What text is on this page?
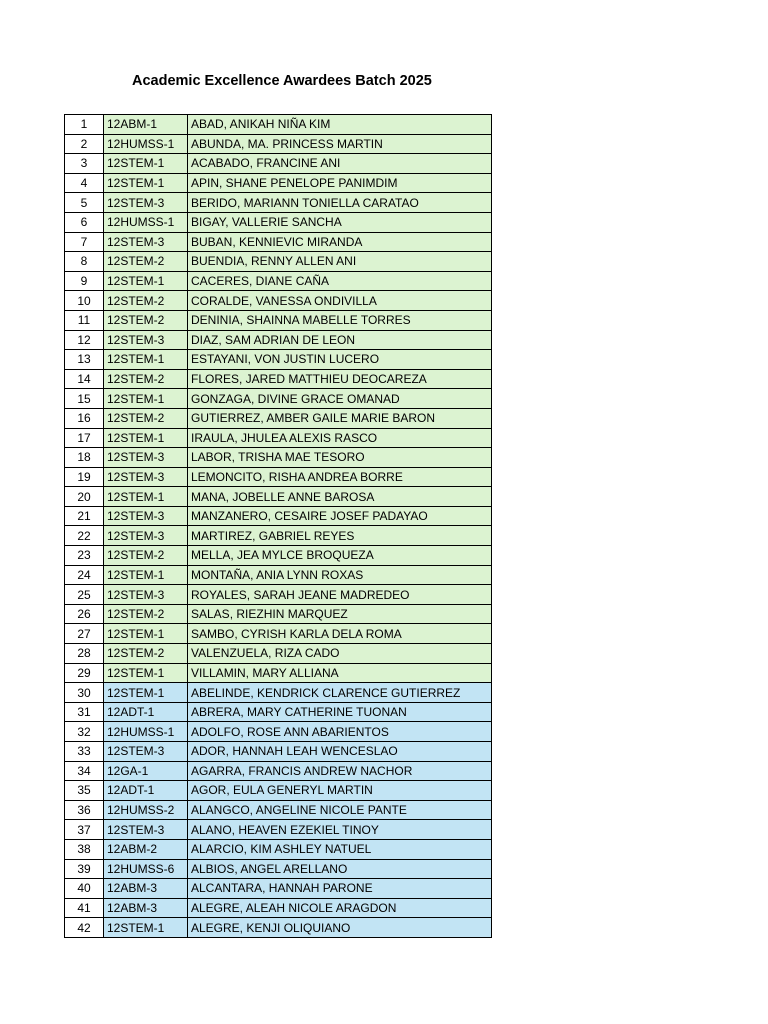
Academic Excellence Awardees Batch 2025
1	12ABM-1	ABAD, ANIKAH NIÑA KIM
2	12HUMSS-1	ABUNDA, MA. PRINCESS MARTIN
3	12STEM-1	ACABADO, FRANCINE ANI
4	12STEM-1	APIN, SHANE PENELOPE PANIMDIM
5	12STEM-3	BERIDO, MARIANN TONIELLA CARATAO
6	12HUMSS-1	BIGAY, VALLERIE SANCHA
7	12STEM-3	BUBAN, KENNIEVIC MIRANDA
8	12STEM-2	BUENDIA, RENNY ALLEN ANI
9	12STEM-1	CACERES, DIANE CAÑA
10	12STEM-2	CORALDE, VANESSA ONDIVILLA
11	12STEM-2	DENINIA, SHAINNA MABELLE TORRES
12	12STEM-3	DIAZ, SAM ADRIAN DE LEON
13	12STEM-1	ESTAYANI, VON JUSTIN LUCERO
14	12STEM-2	FLORES, JARED MATTHIEU DEOCAREZA
15	12STEM-1	GONZAGA, DIVINE GRACE OMANAD
16	12STEM-2	GUTIERREZ, AMBER GAILE MARIE BARON
17	12STEM-1	IRAULA, JHULEA ALEXIS RASCO
18	12STEM-3	LABOR, TRISHA MAE TESORO
19	12STEM-3	LEMONCITO, RISHA ANDREA BORRE
20	12STEM-1	MANA, JOBELLE ANNE BAROSA
21	12STEM-3	MANZANERO, CESAIRE JOSEF PADAYAO
22	12STEM-3	MARTIREZ, GABRIEL REYES
23	12STEM-2	MELLA, JEA MYLCE BROQUEZA
24	12STEM-1	MONTAÑA, ANIA LYNN ROXAS
25	12STEM-3	ROYALES, SARAH JEANE MADREDEO
26	12STEM-2	SALAS, RIEZHIN MARQUEZ
27	12STEM-1	SAMBO, CYRISH KARLA DELA ROMA
28	12STEM-2	VALENZUELA, RIZA CADO
29	12STEM-1	VILLAMIN, MARY ALLIANA
30	12STEM-1	ABELINDE, KENDRICK CLARENCE GUTIERREZ
31	12ADT-1	ABRERA, MARY CATHERINE TUONAN
32	12HUMSS-1	ADOLFO, ROSE ANN ABARIENTOS
33	12STEM-3	ADOR, HANNAH LEAH WENCESLAO
34	12GA-1	AGARRA, FRANCIS ANDREW NACHOR
35	12ADT-1	AGOR, EULA GENERYL MARTIN
36	12HUMSS-2	ALANGCO, ANGELINE NICOLE PANTE
37	12STEM-3	ALANO, HEAVEN EZEKIEL TINOY
38	12ABM-2	ALARCIO, KIM ASHLEY NATUEL
39	12HUMSS-6	ALBIOS, ANGEL ARELLANO
40	12ABM-3	ALCANTARA, HANNAH PARONE
41	12ABM-3	ALEGRE, ALEAH NICOLE ARAGDON
42	12STEM-1	ALEGRE, KENJI OLIQUIANO
